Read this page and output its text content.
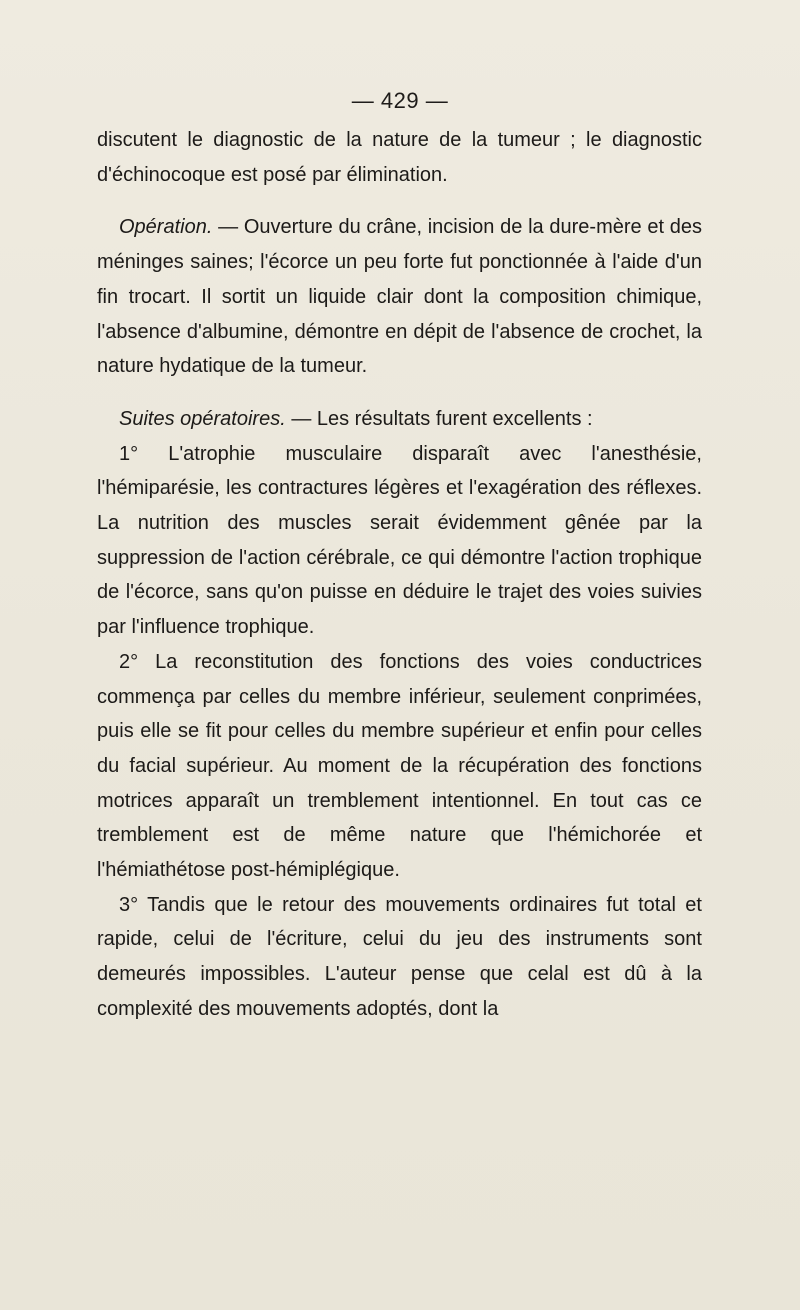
— 429 —

discutent le diagnostic de la nature de la tumeur ; le diagnostic d'échinocoque est posé par élimination.

Opération. — Ouverture du crâne, incision de la dure-mère et des méninges saines; l'écorce un peu forte fut ponctionnée à l'aide d'un fin trocart. Il sortit un liquide clair dont la composition chimique, l'absence d'albumine, démontre en dépit de l'absence de crochet, la nature hydatique de la tumeur.

Suites opératoires. — Les résultats furent excellents :

1° L'atrophie musculaire disparaît avec l'anesthésie, l'hémiparésie, les contractures légères et l'exagération des réflexes. La nutrition des muscles serait évidemment gênée par la suppression de l'action cérébrale, ce qui démontre l'action trophique de l'écorce, sans qu'on puisse en déduire le trajet des voies suivies par l'influence trophique.

2° La reconstitution des fonctions des voies conductrices commença par celles du membre inférieur, seulement conprimées, puis elle se fit pour celles du membre supérieur et enfin pour celles du facial supérieur. Au moment de la récupération des fonctions motrices apparaît un tremblement intentionnel. En tout cas ce tremblement est de même nature que l'hémichorée et l'hémiathétose post-hémiplégique.

3° Tandis que le retour des mouvements ordinaires fut total et rapide, celui de l'écriture, celui du jeu des instruments sont demeurés impossibles. L'auteur pense que celal est dû à la complexité des mouvements adoptés, dont la
